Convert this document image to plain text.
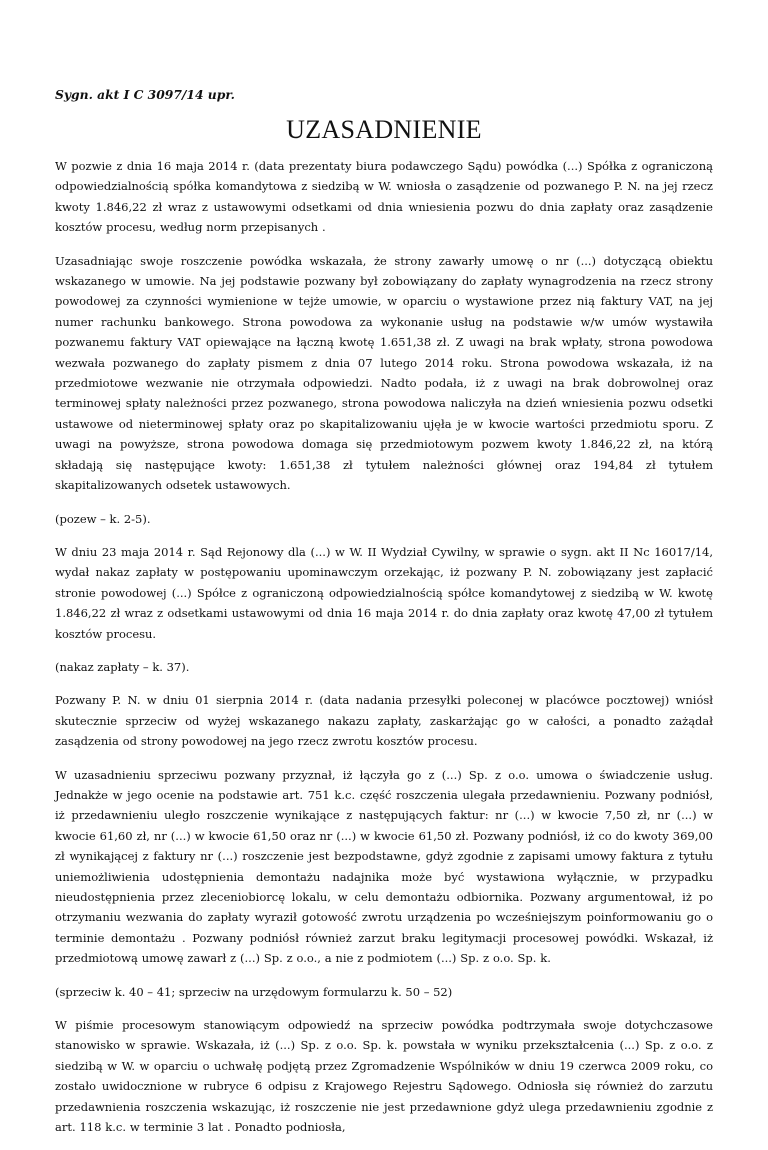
Sygn. akt I C 3097/14 upr.
UZASADNIENIE

W pozwie z dnia 16 maja 2014 r. (data prezentaty biura podawczego Sądu) powódka (...) Spółka z ograniczoną odpowiedzialnością spółka komandytowa z siedzibą w W. wniosła o zasądzenie od pozwanego P. N. na jej rzecz kwoty 1.846,22 zł wraz z ustawowymi odsetkami od dnia wniesienia pozwu do dnia zapłaty oraz zasądzenie kosztów procesu, według norm przepisanych .

Uzasadniając swoje roszczenie powódka wskazała, że strony zawarły umowę o nr (...) dotyczącą obiektu wskazanego w umowie. Na jej podstawie pozwany był zobowiązany do zapłaty wynagrodzenia na rzecz strony powodowej za czynności wymienione w tejże umowie, w oparciu o wystawione przez nią faktury VAT, na jej numer rachunku bankowego. Strona powodowa za wykonanie usług na podstawie w/w umów wystawiła pozwanemu faktury VAT opiewające na łączną kwotę 1.651,38 zł. Z uwagi na brak wpłaty, strona powodowa wezwała pozwanego do zapłaty pismem z dnia 07 lutego 2014 roku. Strona powodowa wskazała, iż na przedmiotowe wezwanie nie otrzymała odpowiedzi. Nadto podała, iż z uwagi na brak dobrowolnej oraz terminowej spłaty należności przez pozwanego, strona powodowa naliczyła na dzień wniesienia pozwu odsetki ustawowe od nieterminowej spłaty oraz po skapitalizowaniu ujęła je w kwocie wartości przedmiotu sporu. Z uwagi na powyższe, strona powodowa domaga się przedmiotowym pozwem kwoty 1.846,22 zł, na którą składają się następujące kwoty: 1.651,38 zł tytułem należności głównej oraz 194,84 zł tytułem skapitalizowanych odsetek ustawowych.

(pozew – k. 2-5).

W dniu 23 maja 2014 r. Sąd Rejonowy dla (...) w W. II Wydział Cywilny, w sprawie o sygn. akt II Nc 16017/14, wydał nakaz zapłaty w postępowaniu upominawczym orzekając, iż pozwany P. N. zobowiązany jest zapłacić stronie powodowej (...) Spółce z ograniczoną odpowiedzialnością spółce komandytowej z siedzibą w W. kwotę 1.846,22 zł wraz z odsetkami ustawowymi od dnia 16 maja 2014 r. do dnia zapłaty oraz kwotę 47,00 zł tytułem kosztów procesu.

(nakaz zapłaty – k. 37).

Pozwany P. N. w dniu 01 sierpnia 2014 r. (data nadania przesyłki poleconej w placówce pocztowej) wniósł skutecznie sprzeciw od wyżej wskazanego nakazu zapłaty, zaskarżając go w całości, a ponadto zażądał zasądzenia od strony powodowej na jego rzecz zwrotu kosztów procesu.

W uzasadnieniu sprzeciwu pozwany przyznał, iż łączyła go z (...) Sp. z o.o. umowa o świadczenie usług. Jednakże w jego ocenie na podstawie art. 751 k.c. część roszczenia ulegała przedawnieniu. Pozwany podniósł, iż przedawnieniu uległo roszczenie wynikające z następujących faktur: nr (...) w kwocie 7,50 zł, nr (...) w kwocie 61,60 zł, nr (...) w kwocie 61,50 oraz nr (...) w kwocie 61,50 zł. Pozwany podniósł, iż co do kwoty 369,00 zł wynikającej z faktury nr (...) roszczenie jest bezpodstawne, gdyż zgodnie z zapisami umowy faktura z tytułu uniemożliwienia udostępnienia demontażu nadajnika może być wystawiona wyłącznie, w przypadku nieudostępnienia przez zleceniobiorcę lokalu, w celu demontażu odbiornika. Pozwany argumentował, iż po otrzymaniu wezwania do zapłaty wyraził gotowość zwrotu urządzenia po wcześniejszym poinformowaniu go o terminie demontażu . Pozwany podniósł również zarzut braku legitymacji procesowej powódki. Wskazał, iż przedmiotową umowę zawarł z (...) Sp. z o.o., a nie z podmiotem (...) Sp. z o.o. Sp. k.

(sprzeciw k. 40 – 41; sprzeciw na urzędowym formularzu k. 50 – 52)

W piśmie procesowym stanowiącym odpowiedź na sprzeciw powódka podtrzymała swoje dotychczasowe stanowisko w sprawie. Wskazała, iż (...) Sp. z o.o. Sp. k. powstała w wyniku przekształcenia (...) Sp. z o.o. z siedzibą w W. w oparciu o uchwałę podjętą przez Zgromadzenie Wspólników w dniu 19 czerwca 2009 roku, co zostało uwidocznione w rubryce 6 odpisu z Krajowego Rejestru Sądowego. Odniosła się również do zarzutu przedawnienia roszczenia wskazując, iż roszczenie nie jest przedawnione gdyż ulega przedawnieniu zgodnie z art. 118 k.c. w terminie 3 lat . Ponadto podniosła,
